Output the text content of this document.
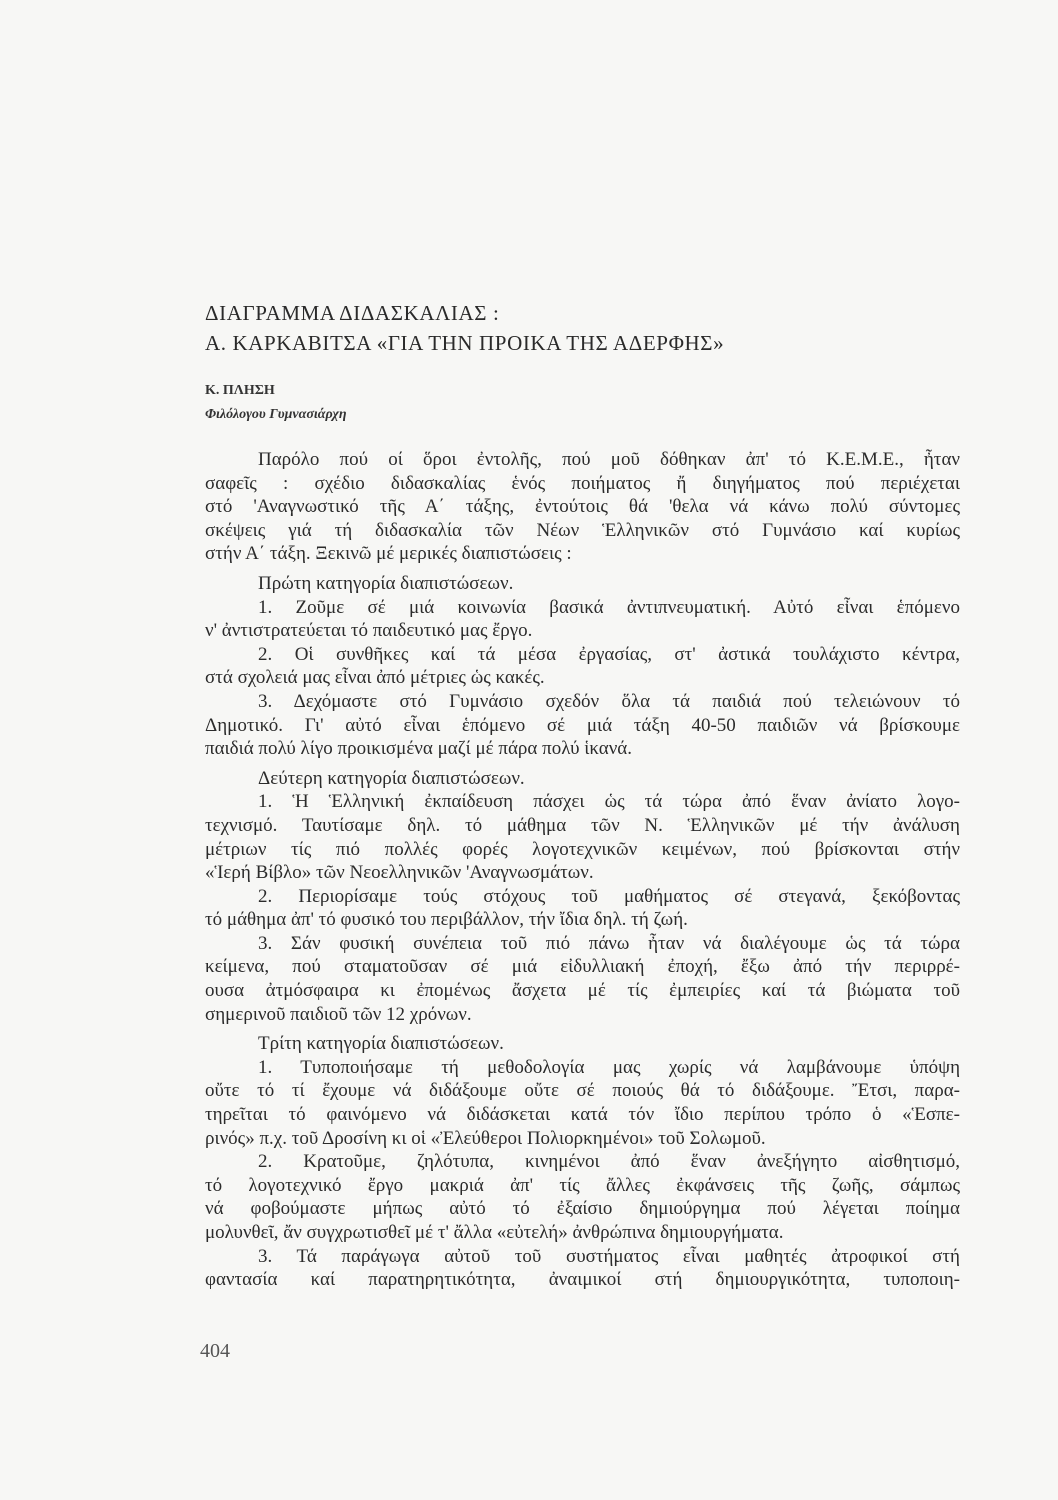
ΔΙΑΓΡΑΜΜΑ ΔΙΔΑΣΚΑΛΙΑΣ :
Α. ΚΑΡΚΑΒΙΤΣΑ «ΓΙΑ ΤΗΝ ΠΡΟΙΚΑ ΤΗΣ ΑΔΕΡΦΗΣ»
Κ. ΠΛΗΣΗ
Φιλόλογου Γυμνασιάρχη
Παρόλο πού οί ὅροι ἐντολῆς, πού μοῦ δόθηκαν ἀπ' τό Κ.Ε.Μ.Ε., ἦταν
σαφεῖς : σχέδιο διδασκαλίας ἑνός ποιήματος ἤ διηγήματος πού περιέχεται
στό 'Αναγνωστικό τῆς Α΄ τάξης, ἐντούτοις θά 'θελα νά κάνω πολύ σύντομες
σκέψεις γιά τή διδασκαλία τῶν Νέων Ἑλληνικῶν στό Γυμνάσιο καί κυρίως
στήν Α΄ τάξη. Ξεκινῶ μέ μερικές διαπιστώσεις :
Πρώτη κατηγορία διαπιστώσεων.
1. Ζοῦμε σέ μιά κοινωνία βασικά ἀντιπνευματική. Αὐτό εἶναι ἑπόμενο
ν' ἀντιστρατεύεται τό παιδευτικό μας ἔργο.
2. Οἱ συνθῆκες καί τά μέσα ἐργασίας, στ' ἀστικά τουλάχιστο κέντρα,
στά σχολειά μας εἶναι ἀπό μέτριες ὡς κακές.
3. Δεχόμαστε στό Γυμνάσιο σχεδόν ὅλα τά παιδιά πού τελειώνουν τό
Δημοτικό. Γι' αὐτό εἶναι ἑπόμενο σέ μιά τάξη 40-50 παιδιῶν νά βρίσκουμε
παιδιά πολύ λίγο προικισμένα μαζί μέ πάρα πολύ ἱκανά.
Δεύτερη κατηγορία διαπιστώσεων.
1. Ἡ Ἑλληνική ἐκπαίδευση πάσχει ὡς τά τώρα ἀπό ἕναν ἀνίατο λογο-
τεχνισμό. Ταυτίσαμε δηλ. τό μάθημα τῶν Ν. Ἑλληνικῶν μέ τήν ἀνάλυση
μέτριων τίς πιό πολλές φορές λογοτεχνικῶν κειμένων, πού βρίσκονται στήν
«Ἱερή Βίβλο» τῶν Νεοελληνικῶν 'Αναγνωσμάτων.
2. Περιορίσαμε τούς στόχους τοῦ μαθήματος σέ στεγανά, ξεκόβοντας
τό μάθημα ἀπ' τό φυσικό του περιβάλλον, τήν ἴδια δηλ. τή ζωή.
3. Σάν φυσική συνέπεια τοῦ πιό πάνω ἦταν νά διαλέγουμε ὡς τά τώρα
κείμενα, πού σταματοῦσαν σέ μιά εἰδυλλιακή ἐποχή, ἔξω ἀπό τήν περιρρέ-
ουσα ἀτμόσφαιρα κι ἐπομένως ἄσχετα μέ τίς ἐμπειρίες καί τά βιώματα τοῦ
σημερινοῦ παιδιοῦ τῶν 12 χρόνων.
Τρίτη κατηγορία διαπιστώσεων.
1. Τυποποιήσαμε τή μεθοδολογία μας χωρίς νά λαμβάνουμε ὑπόψη
οὔτε τό τί ἔχουμε νά διδάξουμε οὔτε σέ ποιούς θά τό διδάξουμε. Ἔτσι, παρα-
τηρεῖται τό φαινόμενο νά διδάσκεται κατά τόν ἴδιο περίπου τρόπο ὁ «Ἑσπε-
ρινός» π.χ. τοῦ Δροσίνη κι οἱ «Ἐλεύθεροι Πολιορκημένοι» τοῦ Σολωμοῦ.
2. Κρατοῦμε, ζηλότυπα, κινημένοι ἀπό ἕναν ἀνεξήγητο αἰσθητισμό,
τό λογοτεχνικό ἔργο μακριά ἀπ' τίς ἄλλες ἐκφάνσεις τῆς ζωῆς, σάμπως
νά φοβούμαστε μήπως αὐτό τό ἐξαίσιο δημιούργημα πού λέγεται ποίημα
μολυνθεῖ, ἄν συγχρωτισθεῖ μέ τ' ἄλλα «εὐτελή» ἀνθρώπινα δημιουργήματα.
3. Τά παράγωγα αὐτοῦ τοῦ συστήματος εἶναι μαθητές ἀτροφικοί στή
φαντασία καί παρατηρητικότητα, ἀναιμικοί στή δημιουργικότητα, τυποποιη-
404
